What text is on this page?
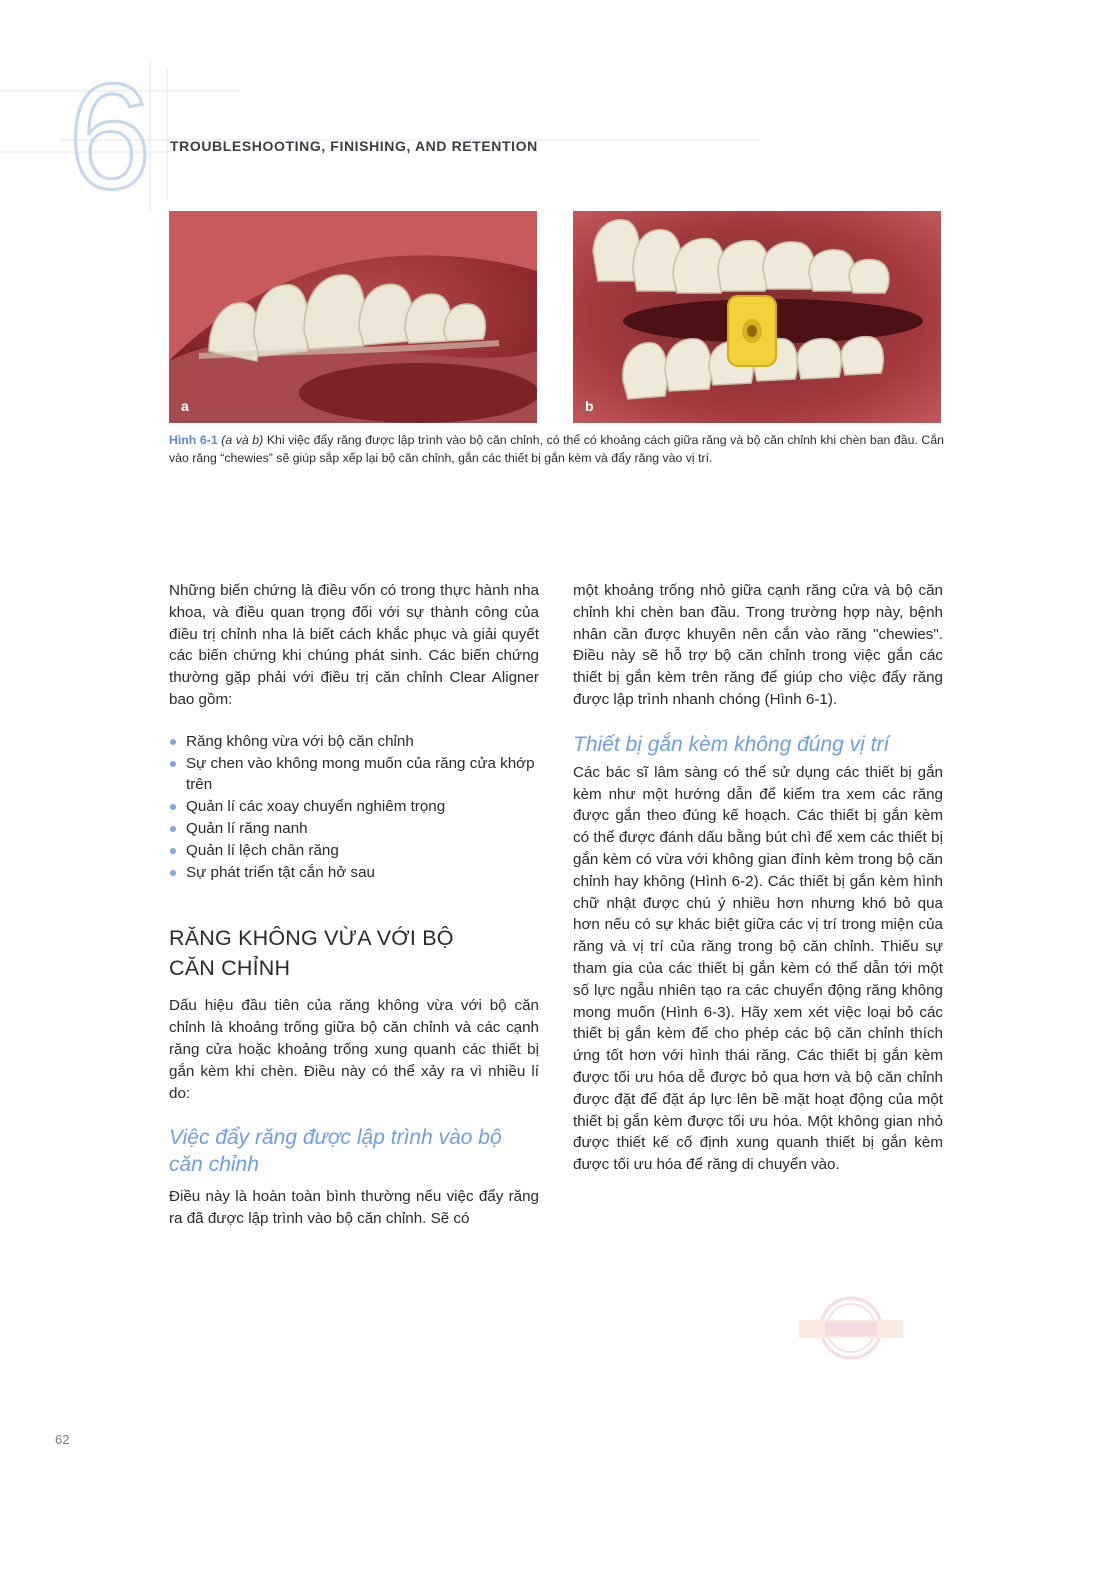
6 TROUBLESHOOTING, FINISHING, AND RETENTION
a	b

Hình 6-1 (a và b) Khi việc đẩy răng được lập trình vào bộ căn chỉnh, có thể có khoảng cách giữa răng và bộ căn chỉnh khi chèn ban đầu. Cắn vào răng “chewies” sẽ giúp sắp xếp lại bộ căn chỉnh, gắn các thiết bị gắn kèm và đẩy răng vào vị trí.

Những biến chứng là điều vốn có trong thực hành nha khoa, và điều quan trọng đối với sự thành công của điều trị chỉnh nha là biết cách khắc phục và giải quyết các biến chứng khi chúng phát sinh. Các biến chứng thường gặp phải với điều trị căn chỉnh Clear Aligner bao gồm:

Răng không vừa với bộ căn chỉnh
Sự chen vào không mong muốn của răng cửa khớp trên
Quản lí các xoay chuyển nghiêm trọng
Quản lí răng nanh
Quản lí lệch chân răng
Sự phát triển tật cắn hở sau
RĂNG KHÔNG VỪA VỚI BỘ CĂN CHỈNH

Dấu hiệu đầu tiên của răng không vừa với bộ căn chỉnh là khoảng trống giữa bộ căn chỉnh và các cạnh răng cửa hoặc khoảng trống xung quanh các thiết bị gắn kèm khi chèn. Điều này có thể xảy ra vì nhiều lí do:

Việc đẩy răng được lập trình vào bộ căn chỉnh

Điều này là hoàn toàn bình thường nếu việc đẩy răng ra đã được lập trình vào bộ căn chỉnh. Sẽ có

một khoảng trống nhỏ giữa cạnh răng cửa và bộ căn chỉnh khi chèn ban đầu. Trong trường hợp này, bệnh nhân cần được khuyên nên cắn vào răng "chewies". Điều này sẽ hỗ trợ bộ căn chỉnh trong việc gắn các thiết bị gắn kèm trên răng để giúp cho việc đẩy răng được lập trình nhanh chóng (Hình 6-1).

Thiết bị gắn kèm không đúng vị trí

Các bác sĩ lâm sàng có thể sử dụng các thiết bị gắn kèm như một hướng dẫn để kiểm tra xem các răng được gắn theo đúng kế hoạch. Các thiết bị gắn kèm có thể được đánh dấu bằng bút chì để xem các thiết bị gắn kèm có vừa với không gian đính kèm trong bộ căn chỉnh hay không (Hình 6-2). Các thiết bị gắn kèm hình chữ nhật được chú ý nhiều hơn nhưng khó bỏ qua hơn nếu có sự khác biệt giữa các vị trí trong miện của răng và vị trí của răng trong bộ căn chỉnh. Thiếu sự tham gia của các thiết bị gắn kèm có thể dẫn tới một số lực ngẫu nhiên tạo ra các chuyển động răng không mong muốn (Hình 6-3). Hãy xem xét việc loại bỏ các thiết bị gắn kèm để cho phép các bộ căn chỉnh thích ứng tốt hơn với hình thái răng. Các thiết bị gắn kèm được tối ưu hóa dễ được bỏ qua hơn và bộ căn chỉnh được đặt để đặt áp lực lên bề mặt hoạt động của một thiết bị gắn kèm được tối ưu hóa. Một không gian nhỏ được thiết kế cố định xung quanh thiết bị gắn kèm được tối ưu hóa để răng di chuyển vào.

62
